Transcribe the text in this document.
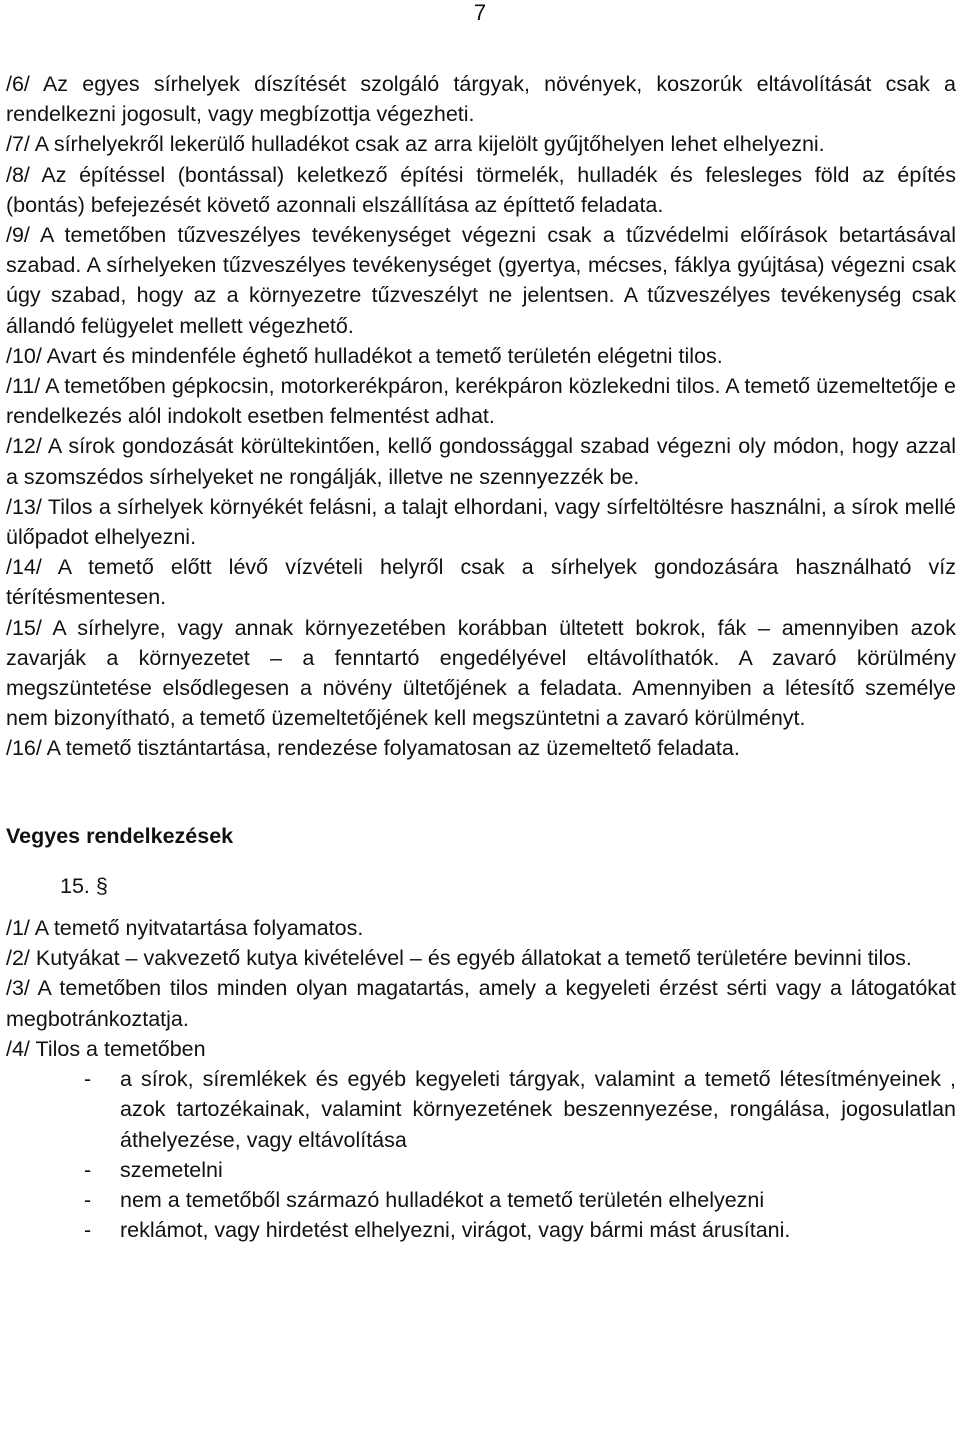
7

/6/ Az egyes sírhelyek díszítését szolgáló tárgyak, növények, koszorúk eltávolítását csak a rendelkezni jogosult, vagy megbízottja végezheti.

/7/ A sírhelyekről lekerülő hulladékot csak az arra kijelölt gyűjtőhelyen lehet elhelyezni.

/8/ Az építéssel (bontással) keletkező építési törmelék, hulladék és felesleges föld az építés (bontás) befejezését követő azonnali elszállítása az építtető feladata.

/9/ A temetőben tűzveszélyes tevékenységet végezni csak a tűzvédelmi előírások betartásával szabad. A sírhelyeken tűzveszélyes tevékenységet (gyertya, mécses, fáklya gyújtása) végezni csak úgy szabad, hogy az a környezetre tűzveszélyt ne jelentsen. A tűzveszélyes tevékenység csak állandó felügyelet mellett végezhető.

/10/ Avart és mindenféle éghető hulladékot a temető területén elégetni tilos.

/11/ A temetőben gépkocsin, motorkerékpáron, kerékpáron közlekedni tilos. A temető üzemeltetője e rendelkezés alól indokolt esetben felmentést adhat.

/12/ A sírok gondozását körültekintően, kellő gondossággal szabad végezni oly módon, hogy azzal a szomszédos sírhelyeket ne rongálják, illetve ne szennyezzék be.

/13/ Tilos a sírhelyek környékét felásni, a talajt elhordani, vagy sírfeltöltésre használni, a sírok mellé ülőpadot elhelyezni.

/14/ A temető előtt lévő vízvételi helyről csak a sírhelyek gondozására használható víz térítésmentesen.

/15/ A sírhelyre, vagy annak környezetében korábban ültetett bokrok, fák – amennyiben azok zavarják a környezetet – a fenntartó engedélyével eltávolíthatók. A zavaró körülmény megszüntetése elsődlegesen a növény ültetőjének a feladata. Amennyiben a létesítő személye nem bizonyítható, a temető üzemeltetőjének kell megszüntetni a zavaró körülményt.

/16/ A temető tisztántartása, rendezése folyamatosan az üzemeltető feladata.

Vegyes rendelkezések

15. §

/1/ A temető nyitvatartása folyamatos.

/2/ Kutyákat – vakvezető kutya kivételével – és egyéb állatokat a temető területére bevinni tilos.

/3/ A temetőben tilos minden olyan magatartás, amely a kegyeleti érzést sérti vagy a látogatókat megbotránkoztatja.

/4/ Tilos a temetőben

- a sírok, síremlékek és egyéb kegyeleti tárgyak, valamint a temető létesítményeinek , azok tartozékainak, valamint környezetének beszennyezése, rongálása, jogosulatlan áthelyezése, vagy eltávolítása
- szemetelni
- nem a temetőből származó hulladékot a temető területén elhelyezni
- reklámot, vagy hirdetést elhelyezni, virágot, vagy bármi mást árusítani.
